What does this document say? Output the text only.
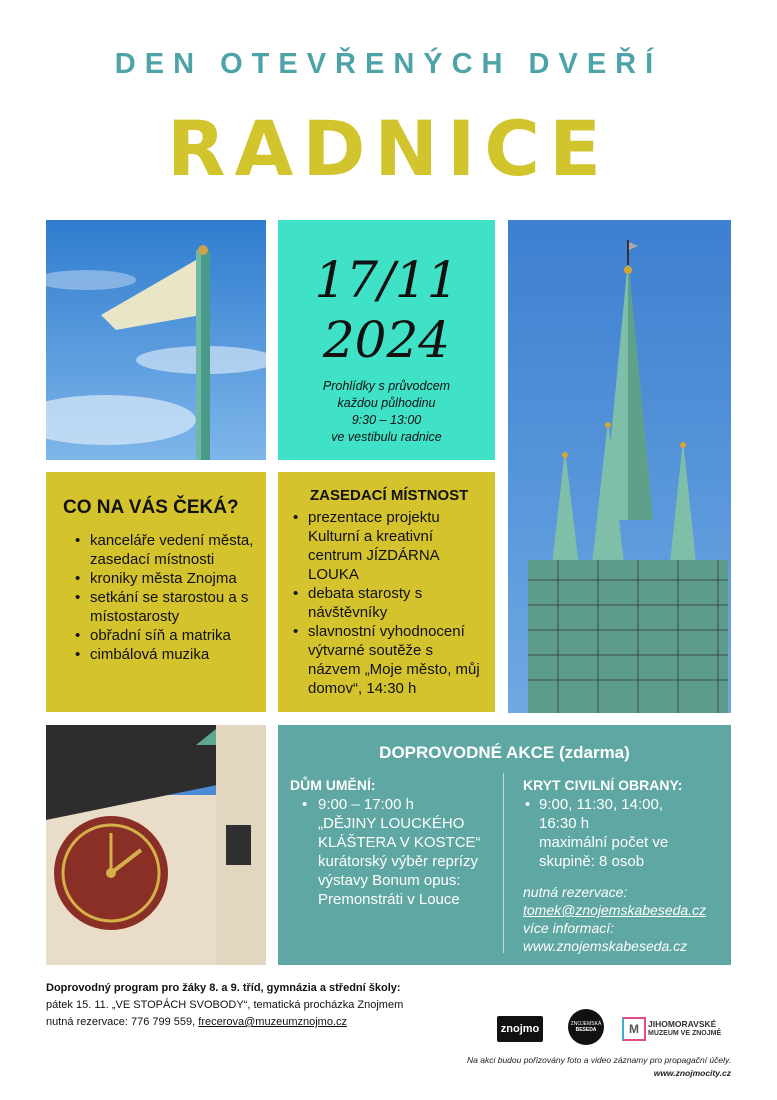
DEN OTEVŘENÝCH DVEŘÍ
RADNICE
17/11
2024
Prohlídky s průvodcem
každou půlhodinu
9:30 – 13:00
ve vestibulu radnice
CO NA VÁS ČEKÁ?
• kanceláře vedení města, zasedací místnosti
• kroniky města Znojma
• setkání se starostou a s místostarosty
• obřadní síň a matrika
• cimbálová muzika
ZASEDACÍ MÍSTNOST
• prezentace projektu Kulturní a kreativní centrum JÍZDÁRNA LOUKA
• debata starosty s návštěvníky
• slavnostní vyhodnocení výtvarné soutěže s názvem „Moje město, můj domov“, 14:30 h
DOPROVODNÉ AKCE (zdarma)
DŮM UMĚNÍ:
• 9:00 – 17:00 h
„DĚJINY LOUCKÉHO
KLÁŠTERA V KOSTCE“
kurátorský výběr reprízy
výstavy Bonum opus:
Premonstráti v Louce
KRYT CIVILNÍ OBRANY:
• 9:00, 11:30, 14:00,
16:30 h
maximální počet ve
skupině: 8 osob
nutná rezervace:
tomek@znojemskabeseda.cz
více informací:
www.znojemskabeseda.cz
Doprovodný program pro žáky 8. a 9. tříd, gymnázia a střední školy:
pátek 15. 11. „VE STOPÁCH SVOBODY“, tematická procházka Znojmem
nutná rezervace: 776 799 559, frecerova@muzeumznojmo.cz
znojmo	ZNOJEMSKÁ
BESEDA	M	JIHOMORAVSKÉ
MUZEUM VE ZNOJMĚ
Na akci budou pořizovány foto a video záznamy pro propagační účely.
www.znojmocity.cz
